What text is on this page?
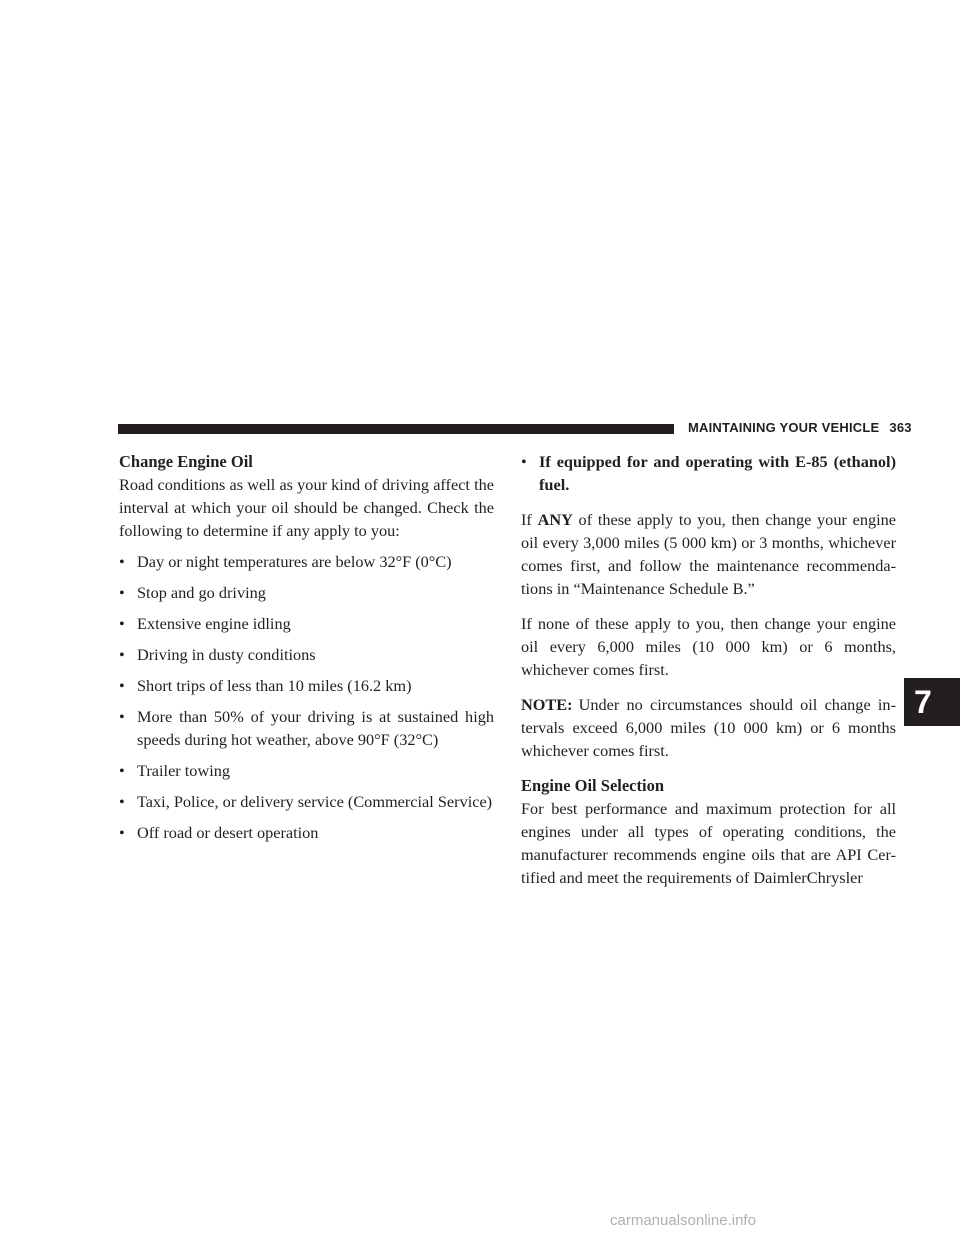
MAINTAINING YOUR VEHICLE 363
Change Engine Oil

Road conditions as well as your kind of driving affect the interval at which your oil should be changed. Check the following to determine if any apply to you:

• Day or night temperatures are below 32°F (0°C)
• Stop and go driving
• Extensive engine idling
• Driving in dusty conditions
• Short trips of less than 10 miles (16.2 km)
• More than 50% of your driving is at sustained high speeds during hot weather, above 90°F (32°C)
• Trailer towing
• Taxi, Police, or delivery service (Commercial Service)
• Off road or desert operation
• If equipped for and operating with E-85 (ethanol) fuel.

If ANY of these apply to you, then change your engine oil every 3,000 miles (5 000 km) or 3 months, whichever comes first, and follow the maintenance recommenda-tions in “Maintenance Schedule B.”

If none of these apply to you, then change your engine oil every 6,000 miles (10 000 km) or 6 months, whichever comes first.

NOTE: Under no circumstances should oil change in-tervals exceed 6,000 miles (10 000 km) or 6 months whichever comes first.

Engine Oil Selection

For best performance and maximum protection for all engines under all types of operating conditions, the manufacturer recommends engine oils that are API Cer-tified and meet the requirements of DaimlerChrysler

7
carmanualsonline.info
